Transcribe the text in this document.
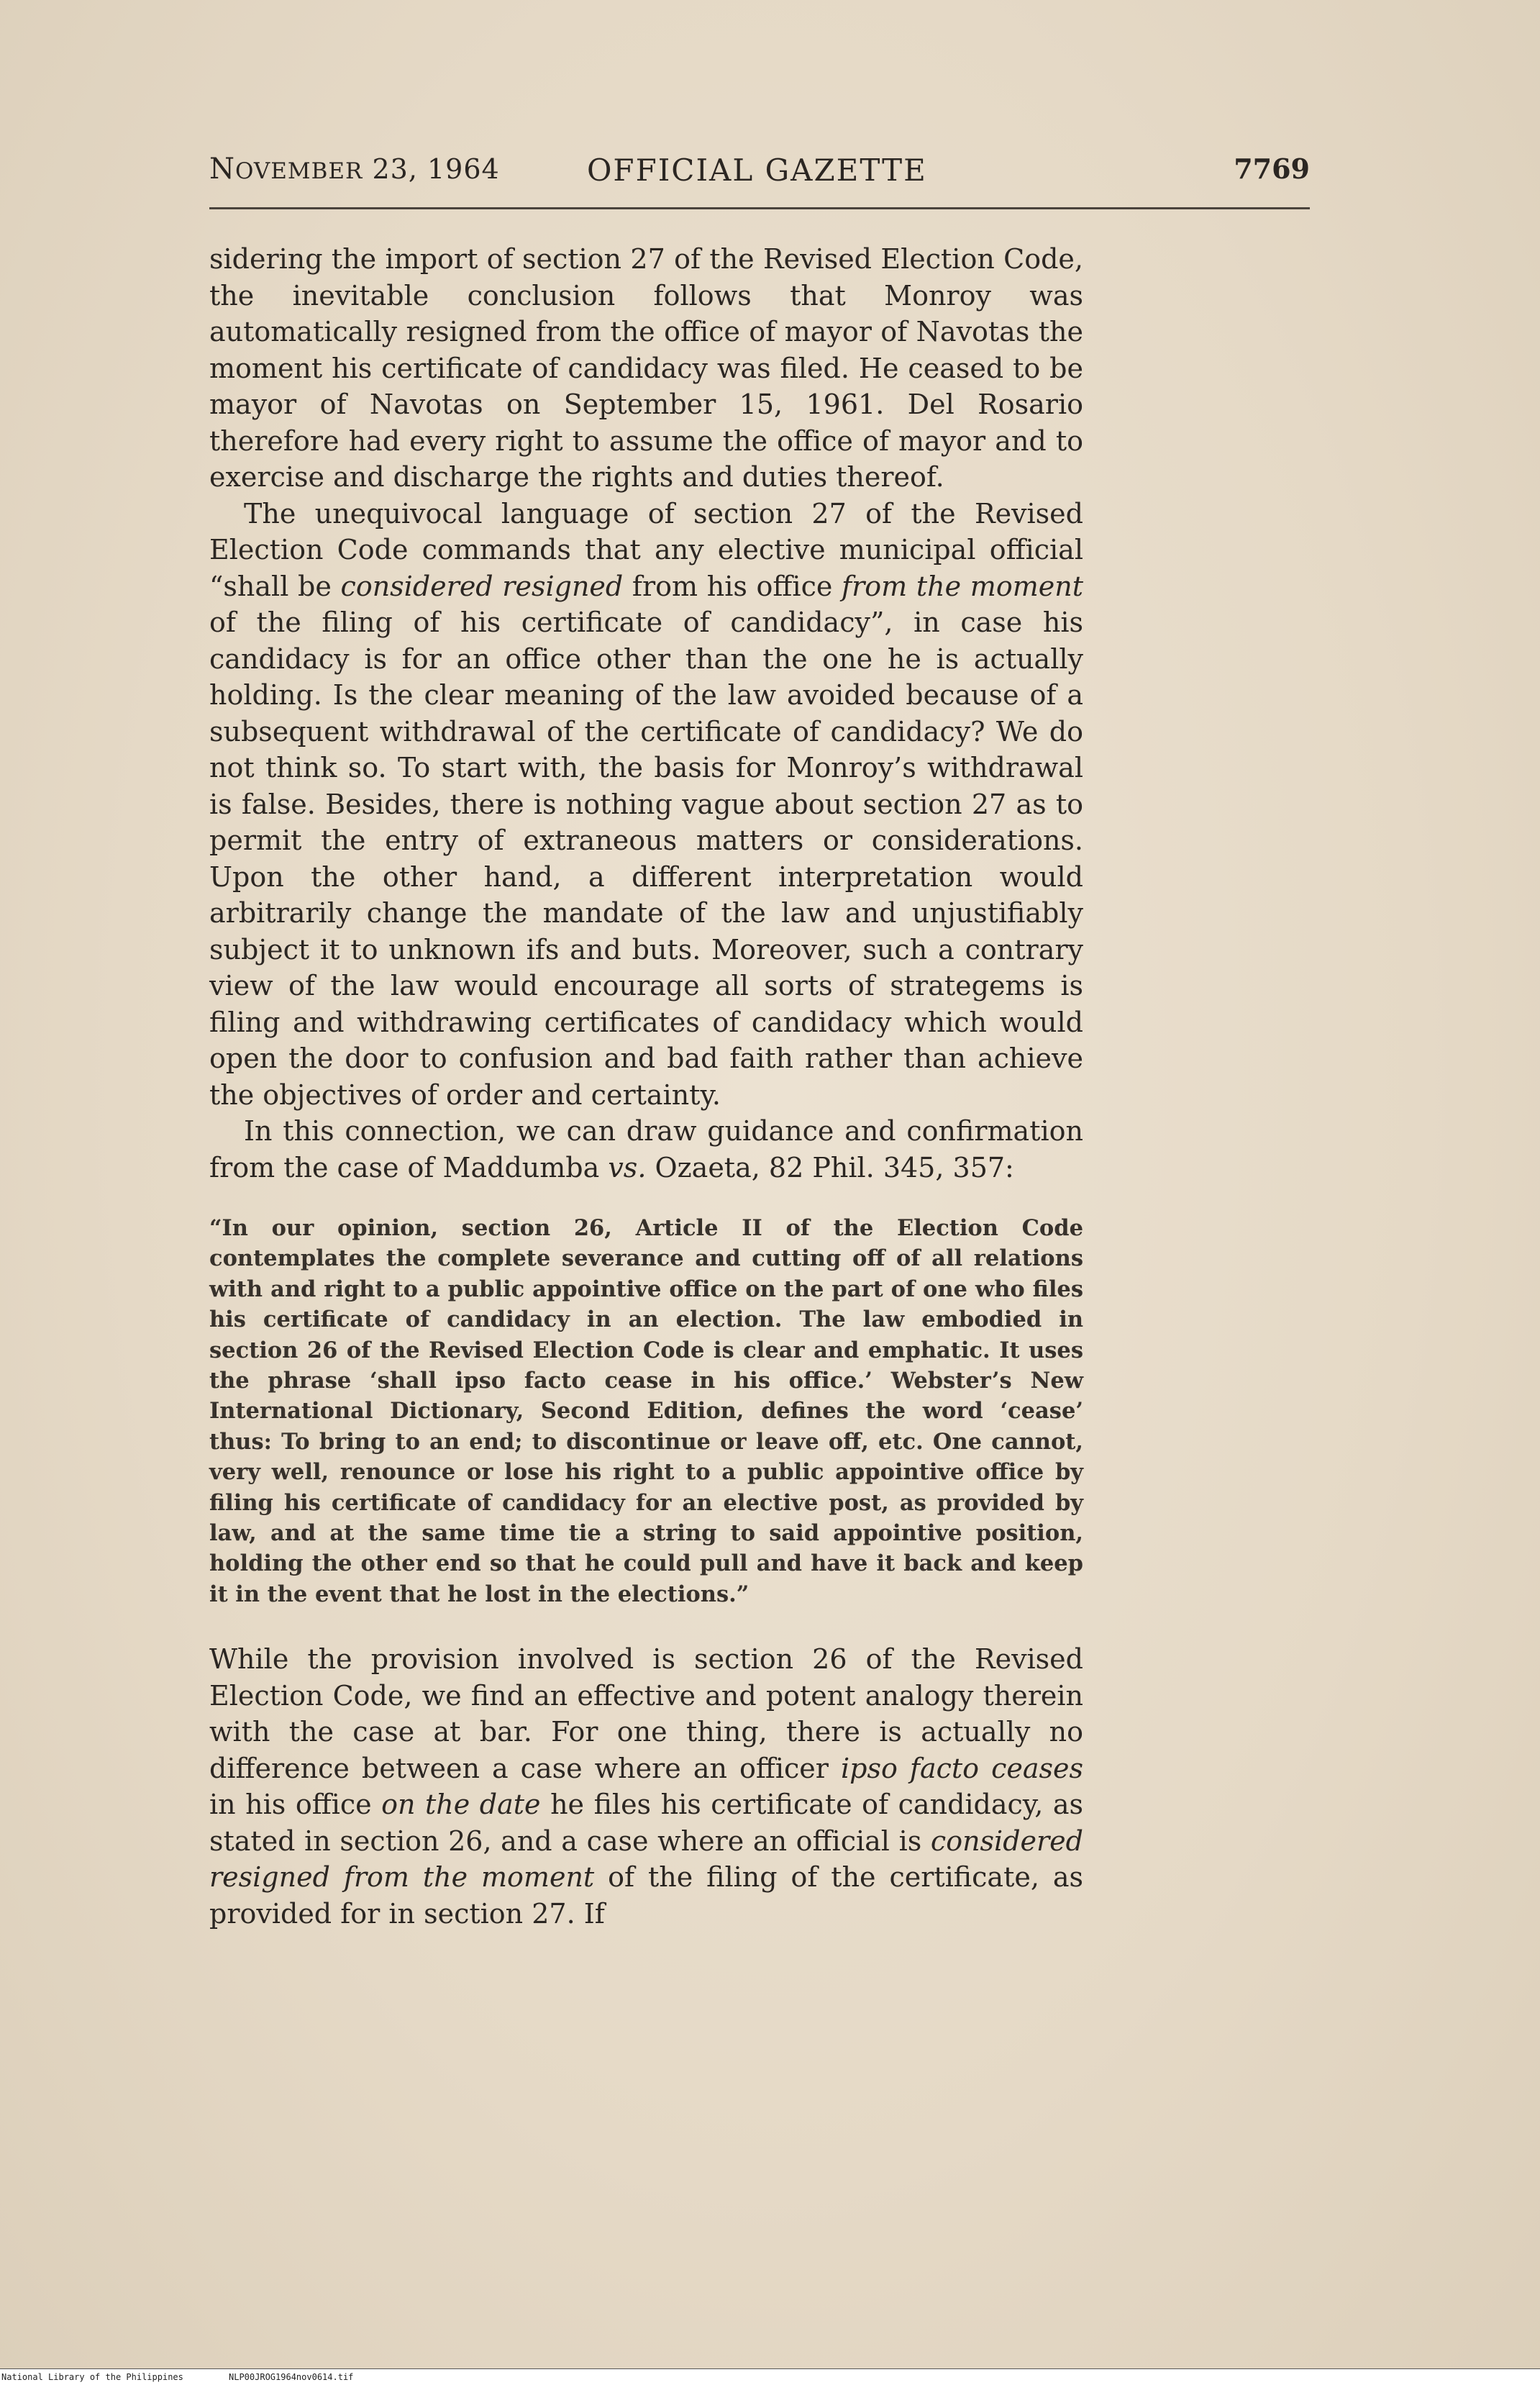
NOVEMBER 23, 1964	OFFICIAL GAZETTE	7769

sidering the import of section 27 of the Revised Election Code, the inevitable conclusion follows that Monroy was automatically resigned from the office of mayor of Navotas the moment his certificate of candidacy was filed. He ceased to be mayor of Navotas on September 15, 1961. Del Rosario therefore had every right to assume the office of mayor and to exercise and discharge the rights and duties thereof.

The unequivocal language of section 27 of the Revised Election Code commands that any elective municipal official “shall be considered resigned from his office from the moment of the filing of his certificate of candidacy”, in case his candidacy is for an office other than the one he is actually holding. Is the clear meaning of the law avoided because of a subsequent withdrawal of the certificate of candidacy? We do not think so. To start with, the basis for Monroy’s withdrawal is false. Besides, there is nothing vague about section 27 as to permit the entry of extraneous matters or considerations. Upon the other hand, a different interpretation would arbitrarily change the mandate of the law and unjustifiably subject it to unknown ifs and buts. Moreover, such a contrary view of the law would encourage all sorts of strategems is filing and withdrawing certificates of candidacy which would open the door to confusion and bad faith rather than achieve the objectives of order and certainty.

In this connection, we can draw guidance and confirmation from the case of Maddumba vs. Ozaeta, 82 Phil. 345, 357:

“In our opinion, section 26, Article II of the Election Code contemplates the complete severance and cutting off of all relations with and right to a public appointive office on the part of one who files his certificate of candidacy in an election. The law embodied in section 26 of the Revised Election Code is clear and emphatic. It uses the phrase ‘shall ipso facto cease in his office.’ Webster’s New International Dictionary, Second Edition, defines the word ‘cease’ thus: To bring to an end; to discontinue or leave off, etc. One cannot, very well, renounce or lose his right to a public appointive office by filing his certificate of candidacy for an elective post, as provided by law, and at the same time tie a string to said appointive position, holding the other end so that he could pull and have it back and keep it in the event that he lost in the elections.”

While the provision involved is section 26 of the Revised Election Code, we find an effective and potent analogy therein with the case at bar. For one thing, there is actually no difference between a case where an officer ipso facto ceases in his office on the date he files his certificate of candidacy, as stated in section 26, and a case where an official is considered resigned from the moment of the filing of the certificate, as provided for in section 27. If

National Library of the Philippines	NLP00JROG1964nov0614.tif
